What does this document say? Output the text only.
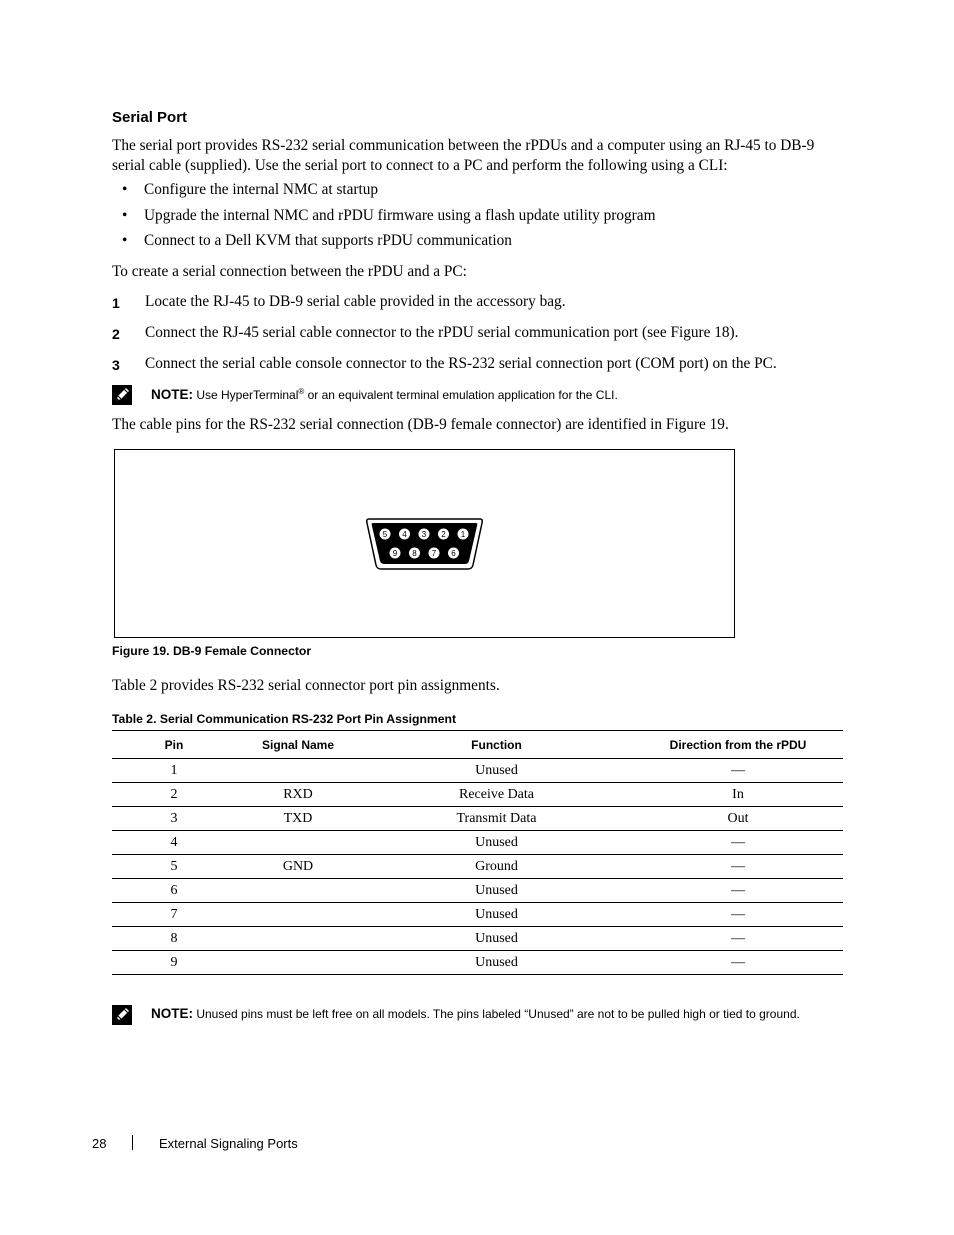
Serial Port
The serial port provides RS-232 serial communication between the rPDUs and a computer using an RJ-45 to DB-9 serial cable (supplied). Use the serial port to connect to a PC and perform the following using a CLI:
• Configure the internal NMC at startup
• Upgrade the internal NMC and rPDU firmware using a flash update utility program
• Connect to a Dell KVM that supports rPDU communication
To create a serial connection between the rPDU and a PC:
1 Locate the RJ-45 to DB-9 serial cable provided in the accessory bag.
2 Connect the RJ-45 serial cable connector to the rPDU serial communication port (see Figure 18).
3 Connect the serial cable console connector to the RS-232 serial connection port (COM port) on the PC.
NOTE: Use HyperTerminal® or an equivalent terminal emulation application for the CLI.
The cable pins for the RS-232 serial connection (DB-9 female connector) are identified in Figure 19.
5 4 3 2 1
9 8 7 6
Figure 19. DB-9 Female Connector
Table 2 provides RS-232 serial connector port pin assignments.
Table 2. Serial Communication RS-232 Port Pin Assignment
Pin	Signal Name	Function	Direction from the rPDU
1		Unused	—
2	RXD	Receive Data	In
3	TXD	Transmit Data	Out
4		Unused	—
5	GND	Ground	—
6		Unused	—
7		Unused	—
8		Unused	—
9		Unused	—
NOTE: Unused pins must be left free on all models. The pins labeled “Unused” are not to be pulled high or tied to ground.
28	External Signaling Ports
